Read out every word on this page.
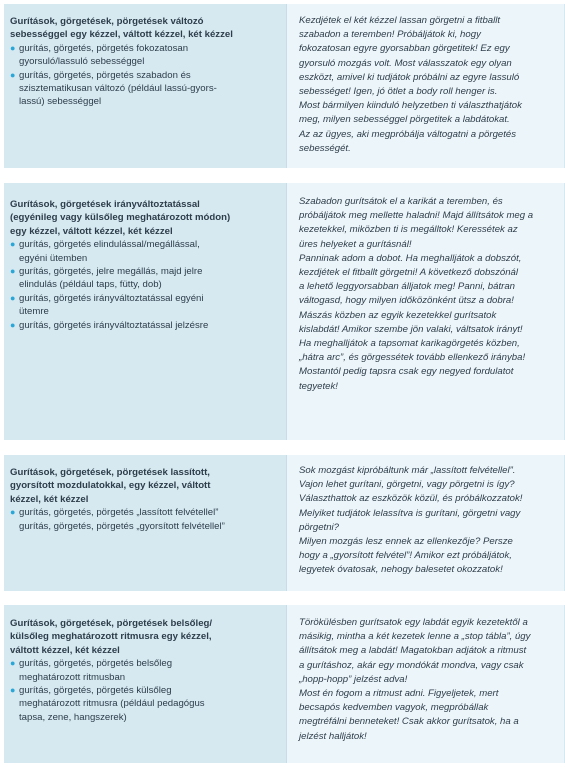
Gurítások, görgetések, pörgetések változó
sebességgel egy kézzel, váltott kézzel, két kézzel
● gurítás, görgetés, pörgetés fokozatosan
gyorsuló/lassuló sebességgel
● gurítás, görgetés, pörgetés szabadon és
szisztematikusan változó (például lassú-gyors-
lassú) sebességgel

Kezdjétek el két kézzel lassan görgetni a fitballt

szabadon a teremben! Próbáljátok ki, hogy

fokozatosan egyre gyorsabban görgetitek! Ez egy

gyorsuló mozgás volt. Most válasszatok egy olyan

eszközt, amivel ki tudjátok próbálni az egyre lassuló

sebességet! Igen, jó ötlet a body roll henger is.

Most bármilyen kiinduló helyzetben ti választhatjátok

meg, milyen sebességgel pörgetitek a labdátokat.

Az az ügyes, aki megpróbálja váltogatni a pörgetés

sebességét.

Gurítások, görgetések irányváltoztatással
(egyénileg vagy külsőleg meghatározott módon)
egy kézzel, váltott kézzel, két kézzel
● gurítás, görgetés elindulással/megállással,
egyéni ütemben
● gurítás, görgetés, jelre megállás, majd jelre
elindulás (például taps, fütty, dob)
● gurítás, görgetés irányváltoztatással egyéni
ütemre
● gurítás, görgetés irányváltoztatással jelzésre

Szabadon gurítsátok el a karikát a teremben, és

próbáljátok meg mellette haladni! Majd állítsátok meg a

kezetekkel, miközben ti is megálltok! Keressétek az

üres helyeket a gurításnál!

Panninak adom a dobot. Ha meghalljátok a dobszót,

kezdjétek el fitballt görgetni! A következő dobszónál

a lehető leggyorsabban álljatok meg! Panni, bátran

váltogasd, hogy milyen időközönként ütsz a dobra!

Mászás közben az egyik kezetekkel gurítsatok

kislabdát! Amikor szembe jön valaki, váltsatok irányt!

Ha meghalljátok a tapsomat karikagörgetés közben,

„hátra arc”, és görgessétek tovább ellenkező irányba!

Mostantól pedig tapsra csak egy negyed fordulatot

tegyetek!

Gurítások, görgetések, pörgetések lassított,
gyorsított mozdulatokkal, egy kézzel, váltott
kézzel, két kézzel
● gurítás, görgetés, pörgetés „lassított felvétellel”
gurítás, görgetés, pörgetés „gyorsított felvétellel”

Sok mozgást kipróbáltunk már „lassított felvétellel”.

Vajon lehet gurítani, görgetni, vagy pörgetni is így?

Választhattok az eszközök közül, és próbálkozzatok!

Melyiket tudjátok lelassítva is gurítani, görgetni vagy

pörgetni?

Milyen mozgás lesz ennek az ellenkezője? Persze

hogy a „gyorsított felvétel”! Amikor ezt próbáljátok,

legyetek óvatosak, nehogy balesetet okozzatok!

Gurítások, görgetések, pörgetések belsőleg/
külsőleg meghatározott ritmusra egy kézzel,
váltott kézzel, két kézzel
● gurítás, görgetés, pörgetés belsőleg
meghatározott ritmusban
● gurítás, görgetés, pörgetés külsőleg
meghatározott ritmusra (például pedagógus
tapsa, zene, hangszerek)

Törökülésben gurítsatok egy labdát egyik kezetektől a

másikig, mintha a két kezetek lenne a „stop tábla”, úgy

állítsátok meg a labdát! Magatokban adjátok a ritmust

a gurításhoz, akár egy mondókát mondva, vagy csak

„hopp-hopp” jelzést adva!

Most én fogom a ritmust adni. Figyeljetek, mert

becsapós kedvemben vagyok, megpróbállak

megtréfálni benneteket! Csak akkor gurítsatok, ha a

jelzést halljátok!
